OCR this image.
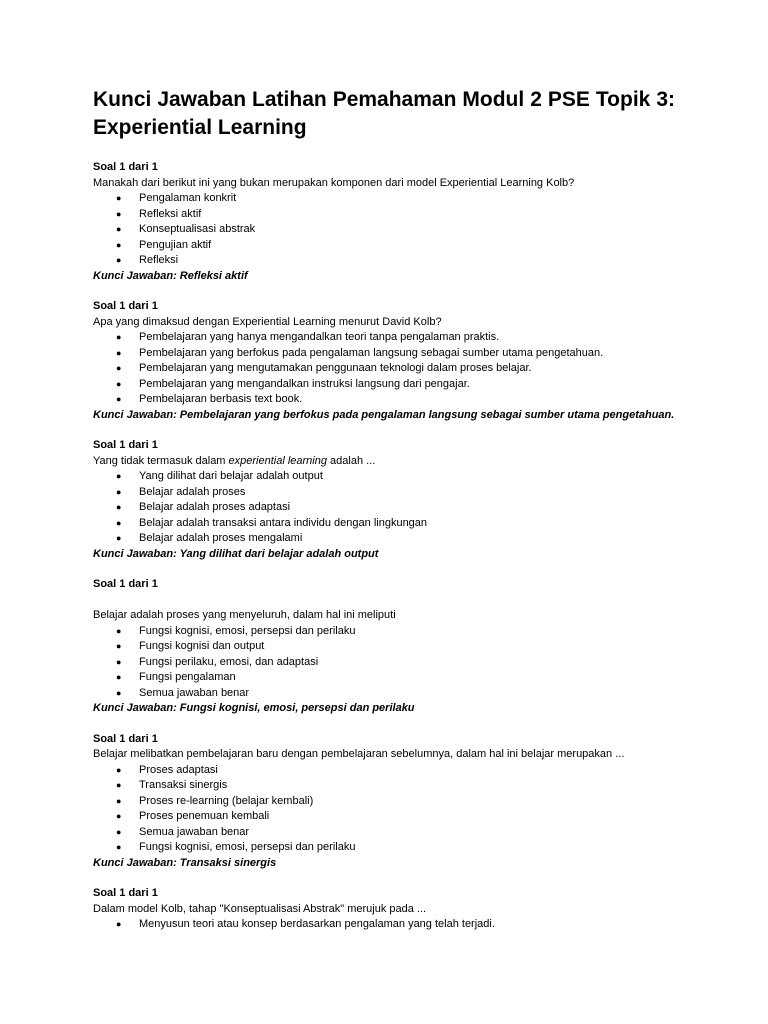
Kunci Jawaban Latihan Pemahaman Modul 2 PSE Topik 3: Experiential Learning
Soal 1 dari 1
Manakah dari berikut ini yang bukan merupakan komponen dari model Experiential Learning Kolb?
● Pengalaman konkrit
● Refleksi aktif
● Konseptualisasi abstrak
● Pengujian aktif
● Refleksi
Kunci Jawaban: Refleksi aktif
Soal 1 dari 1
Apa yang dimaksud dengan Experiential Learning menurut David Kolb?
● Pembelajaran yang hanya mengandalkan teori tanpa pengalaman praktis.
● Pembelajaran yang berfokus pada pengalaman langsung sebagai sumber utama pengetahuan.
● Pembelajaran yang mengutamakan penggunaan teknologi dalam proses belajar.
● Pembelajaran yang mengandalkan instruksi langsung dari pengajar.
● Pembelajaran berbasis text book.
Kunci Jawaban: Pembelajaran yang berfokus pada pengalaman langsung sebagai sumber utama pengetahuan.
Soal 1 dari 1
Yang tidak termasuk dalam experiential learning adalah ...
● Yang dilihat dari belajar adalah output
● Belajar adalah proses
● Belajar adalah proses adaptasi
● Belajar adalah transaksi antara individu dengan lingkungan
● Belajar adalah proses mengalami
Kunci Jawaban: Yang dilihat dari belajar adalah output
Soal 1 dari 1
Belajar adalah proses yang menyeluruh, dalam hal ini meliputi
● Fungsi kognisi, emosi, persepsi dan perilaku
● Fungsi kognisi dan output
● Fungsi perilaku, emosi, dan adaptasi
● Fungsi pengalaman
● Semua jawaban benar
Kunci Jawaban: Fungsi kognisi, emosi, persepsi dan perilaku
Soal 1 dari 1
Belajar melibatkan pembelajaran baru dengan pembelajaran sebelumnya, dalam hal ini belajar merupakan ...
● Proses adaptasi
● Transaksi sinergis
● Proses re-learning (belajar kembali)
● Proses penemuan kembali
● Semua jawaban benar
● Fungsi kognisi, emosi, persepsi dan perilaku
Kunci Jawaban: Transaksi sinergis
Soal 1 dari 1
Dalam model Kolb, tahap "Konseptualisasi Abstrak" merujuk pada ...
● Menyusun teori atau konsep berdasarkan pengalaman yang telah terjadi.
